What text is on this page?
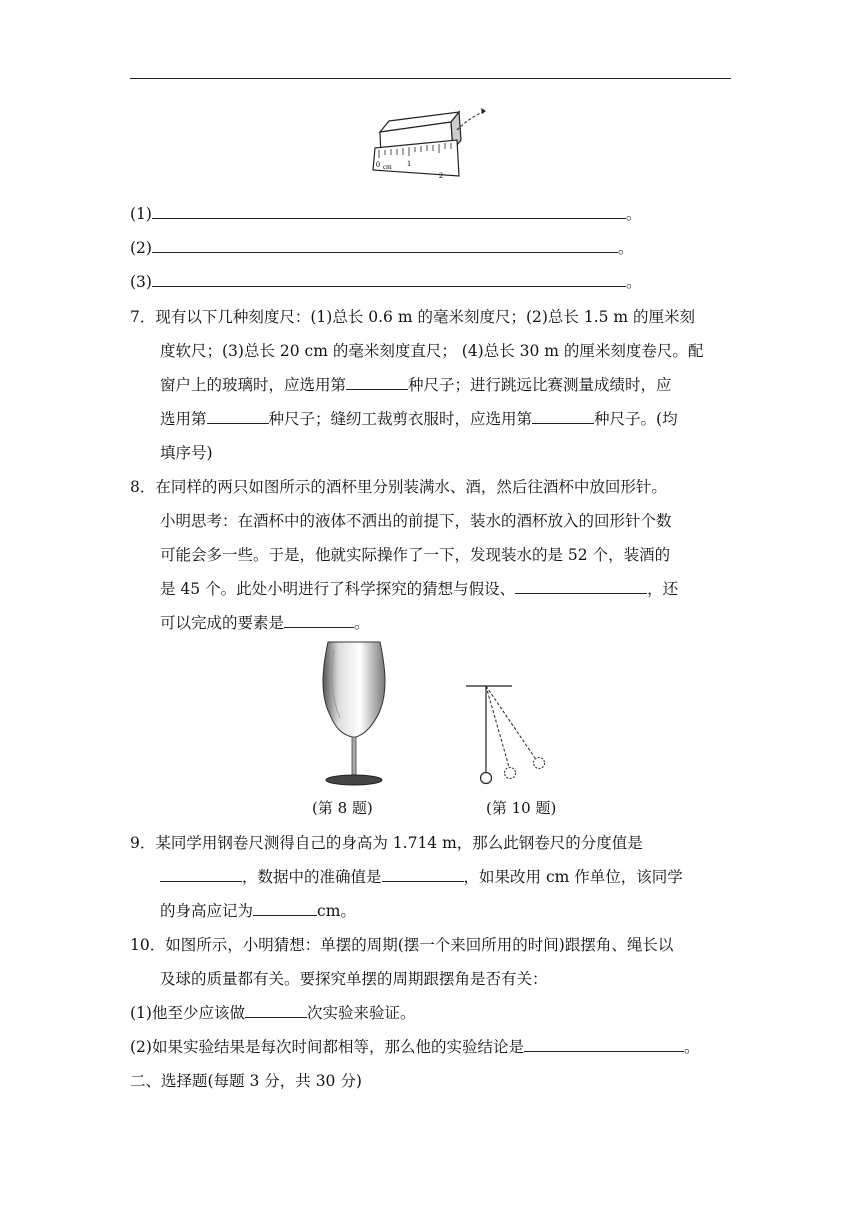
0 cm 1
2
(1)	。
(2)	。
(3)	。
7．现有以下几种刻度尺：(1)总长 0.6 m 的毫米刻度尺；(2)总长 1.5 m 的厘米刻
度软尺；(3)总长 20 cm 的毫米刻度直尺； (4)总长 30 m 的厘米刻度卷尺。配
窗户上的玻璃时，应选用第	种尺子；进行跳远比赛测量成绩时，应
选用第	种尺子；缝纫工裁剪衣服时，应选用第	种尺子。(均
填序号)
8．在同样的两只如图所示的酒杯里分别装满水、酒，然后往酒杯中放回形针。
小明思考：在酒杯中的液体不洒出的前提下，装水的酒杯放入的回形针个数
可能会多一些。于是，他就实际操作了一下，发现装水的是 52 个，装酒的
是 45 个。此处小明进行了科学探究的猜想与假设、	，还
可以完成的要素是	。
(第 8 题)	(第 10 题)
9．某同学用钢卷尺测得自己的身高为 1.714 m，那么此钢卷尺的分度值是
，数据中的准确值是	，如果改用 cm 作单位，该同学
的身高应记为	cm。
10．如图所示，小明猜想：单摆的周期(摆一个来回所用的时间)跟摆角、绳长以
及球的质量都有关。要探究单摆的周期跟摆角是否有关：
(1)他至少应该做	次实验来验证。
(2)如果实验结果是每次时间都相等，那么他的实验结论是	。
二、选择题(每题 3 分，共 30 分)
